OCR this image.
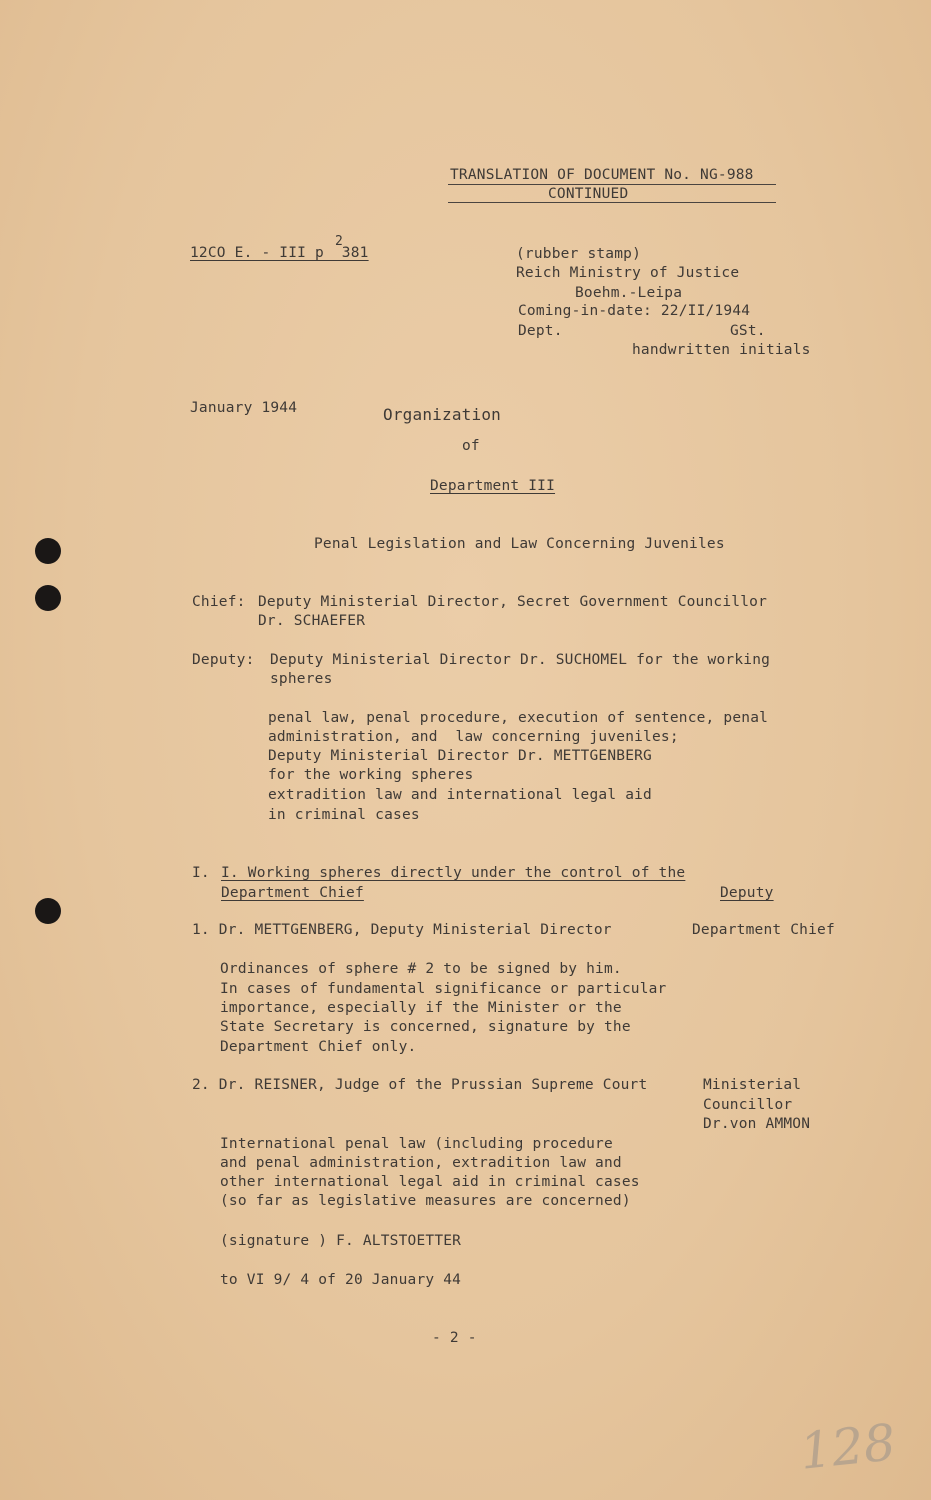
TRANSLATION OF DOCUMENT No. NG-988
CONTINUED
12CO E. - III p  381
2
(rubber stamp)
Reich Ministry of Justice
Boehm.-Leipa
Coming-in-date: 22/II/1944
Dept.	GSt.
handwritten initials
January 1944	Organization
of
Department III
Penal Legislation and Law Concerning Juveniles
Chief: Deputy Ministerial Director, Secret Government Councillor
Dr. SCHAEFER
Deputy: Deputy Ministerial Director Dr. SUCHOMEL for the working
spheres
penal law, penal procedure, execution of sentence, penal
administration, and  law concerning juveniles;
Deputy Ministerial Director Dr. METTGENBERG
for the working spheres
extradition law and international legal aid
in criminal cases
I. I. Working spheres directly under the control of the
Department Chief	Deputy
1. Dr. METTGENBERG, Deputy Ministerial Director	Department Chief
Ordinances of sphere # 2 to be signed by him.
In cases of fundamental significance or particular
importance, especially if the Minister or the
State Secretary is concerned, signature by the
Department Chief only.
2. Dr. REISNER, Judge of the Prussian Supreme Court	Ministerial
Councillor
Dr.von AMMON
International penal law (including procedure
and penal administration, extradition law and
other international legal aid in criminal cases
(so far as legislative measures are concerned)
(signature ) F. ALTSTOETTER
to VI 9/ 4 of 20 January 44
- 2 -
128
